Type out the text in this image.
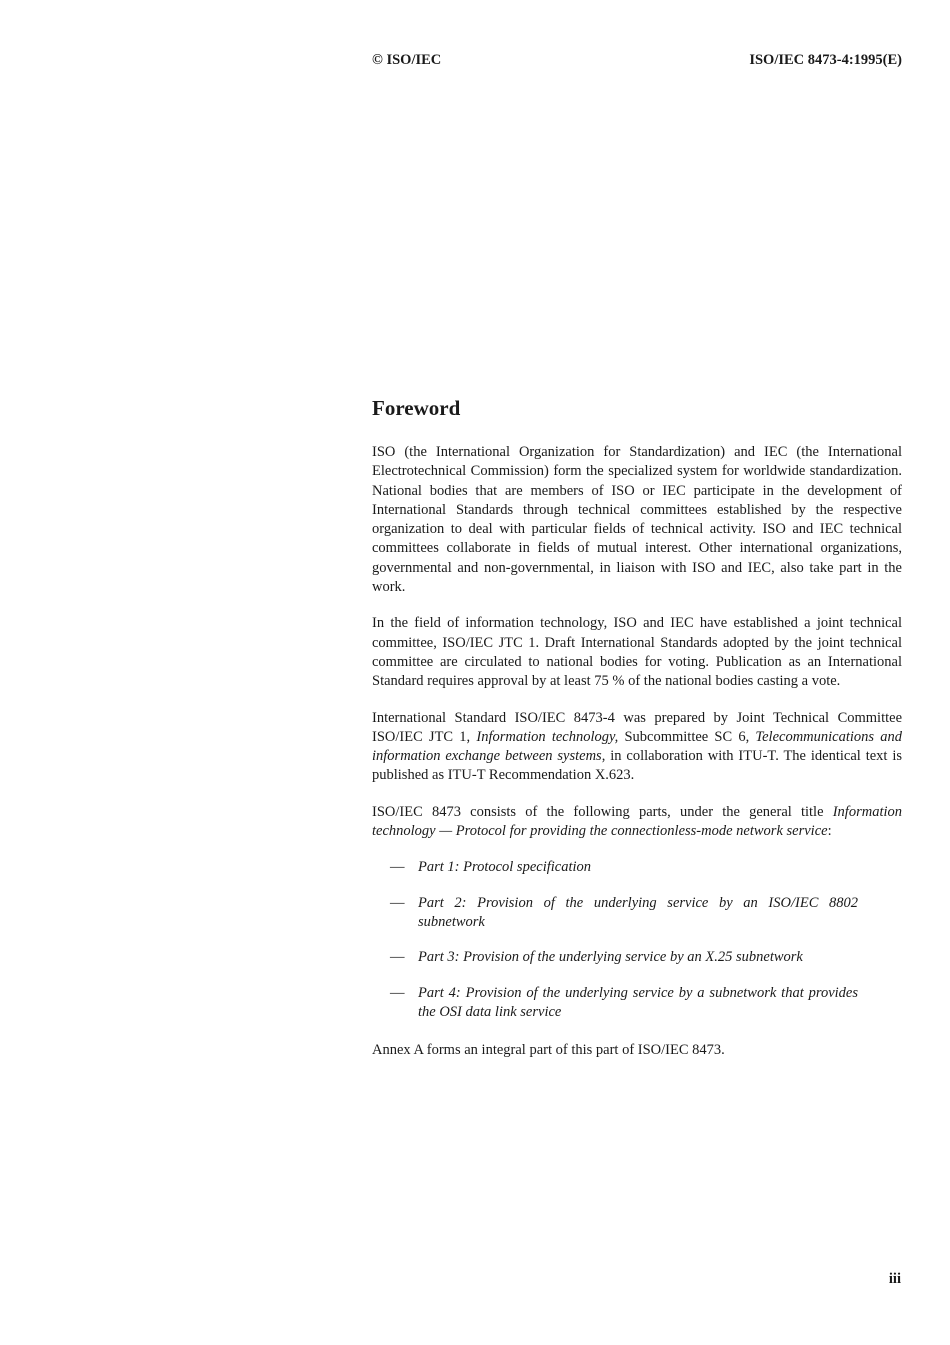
© ISO/IEC	ISO/IEC 8473-4:1995(E)
Foreword

ISO (the International Organization for Standardization) and IEC (the International Electrotechnical Commission) form the specialized system for worldwide standardization. National bodies that are members of ISO or IEC participate in the development of International Standards through technical committees established by the respective organization to deal with particular fields of technical activity. ISO and IEC technical committees collaborate in fields of mutual interest. Other international organizations, governmental and non-governmental, in liaison with ISO and IEC, also take part in the work.

In the field of information technology, ISO and IEC have established a joint technical committee, ISO/IEC JTC 1. Draft International Standards adopted by the joint technical committee are circulated to national bodies for voting. Publication as an International Standard requires approval by at least 75 % of the national bodies casting a vote.

International Standard ISO/IEC 8473-4 was prepared by Joint Technical Committee ISO/IEC JTC 1, Information technology, Subcommittee SC 6, Telecommunications and information exchange between systems, in collaboration with ITU-T. The identical text is published as ITU-T Recommendation X.623.

ISO/IEC 8473 consists of the following parts, under the general title Information technology — Protocol for providing the connectionless-mode network service:

— Part 1: Protocol specification
— Part 2: Provision of the underlying service by an ISO/IEC 8802 subnetwork
— Part 3: Provision of the underlying service by an X.25 subnetwork
— Part 4: Provision of the underlying service by a subnetwork that provides the OSI data link service

Annex A forms an integral part of this part of ISO/IEC 8473.

iii
